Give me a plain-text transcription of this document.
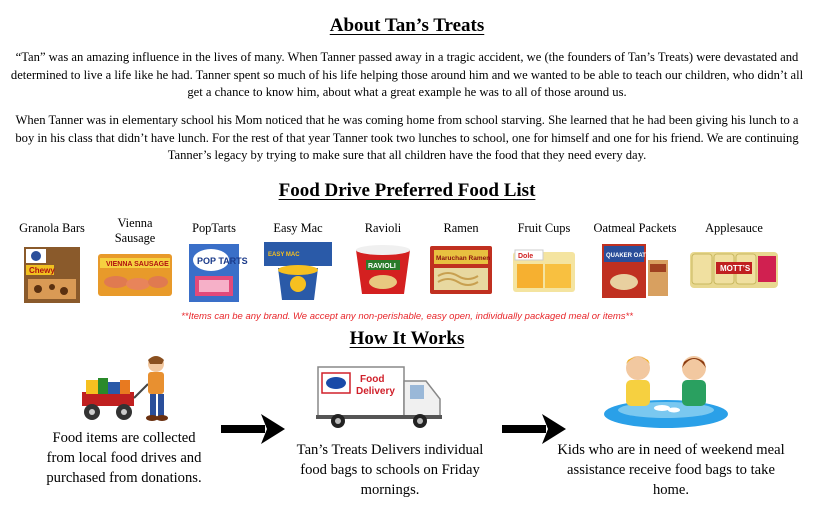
About Tan’s Treats
“Tan” was an amazing influence in the lives of many. When Tanner passed away in a tragic accident, we (the founders of Tan’s Treats) were devastated and determined to live a life like he had. Tanner spent so much of his life helping those around him and we wanted to be able to teach our children, who didn’t all get a chance to know him, about what a great example he was to all of those around us.
When Tanner was in elementary school his Mom noticed that he was coming home from school starving. She learned that he had been giving his lunch to a boy in his class that didn’t have lunch. For the rest of that year Tanner took two lunches to school, one for himself and one for his friend. We are continuing Tanner’s legacy by trying to make sure that all children have the food that they need every day.
Food Drive Preferred Food List
Granola Bars
Chewy
Vienna Sausage
VIENNA SAUSAGE
PopTarts
POP TARTS
Easy Mac
EASY MAC
Ravioli
RAVIOLI
Ramen
Maruchan Ramen
Fruit Cups
Dole
Oatmeal Packets
QUAKER OATMEAL
Applesauce
MOTT’S
**Items can be any brand. We accept any non-perishable, easy open, individually packaged meal or items**
How It Works
Food items are collected from local food drives and purchased from donations.
Food
Delivery
Tan’s Treats Delivers individual food bags to schools on Friday mornings.
Kids who are in need of weekend meal assistance receive food bags to take home.
